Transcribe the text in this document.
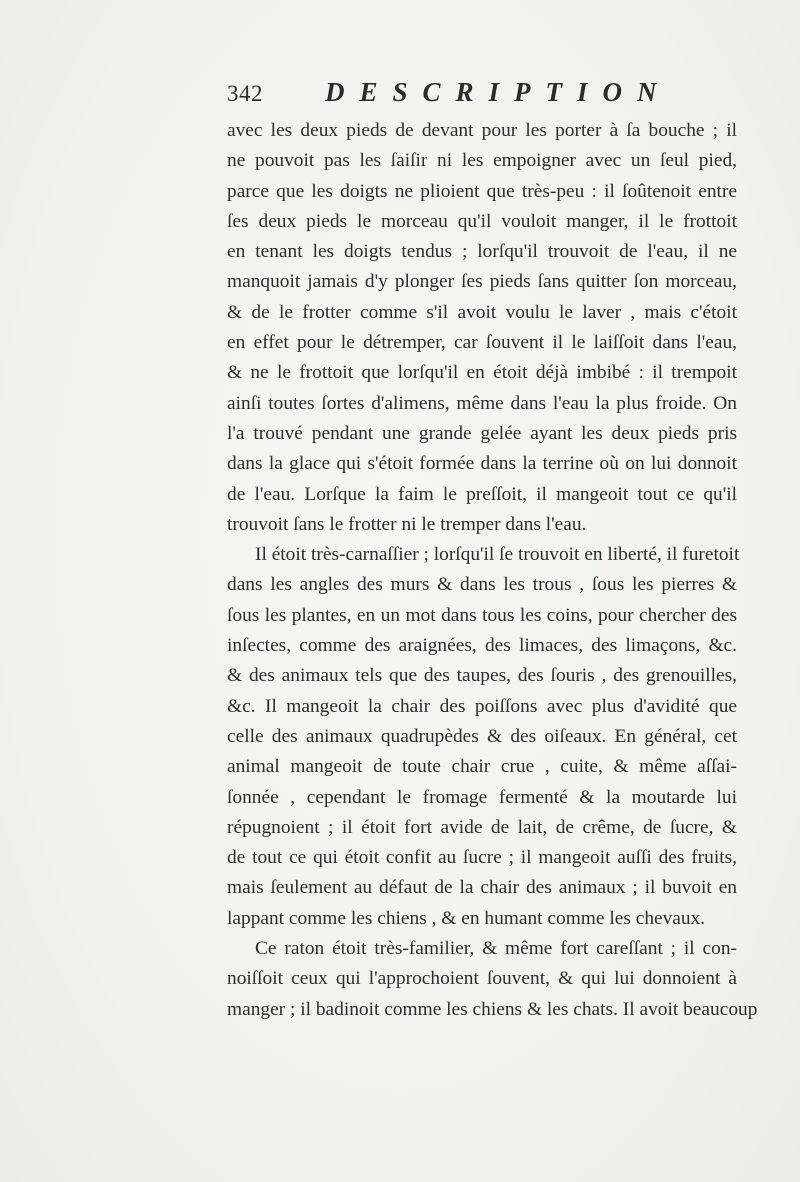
342 DESCRIPTION
avec les deux pieds de devant pour les porter à ſa bouche ; il
ne pouvoit pas les ſaiſir ni les empoigner avec un ſeul pied,
parce que les doigts ne plioient que très-peu : il ſoûtenoit entre
ſes deux pieds le morceau qu'il vouloit manger, il le frottoit
en tenant les doigts tendus ; lorſqu'il trouvoit de l'eau, il ne
manquoit jamais d'y plonger ſes pieds ſans quitter ſon morceau,
& de le frotter comme s'il avoit voulu le laver , mais c'étoit
en effet pour le détremper, car ſouvent il le laiſſoit dans l'eau,
& ne le frottoit que lorſqu'il en étoit déjà imbibé : il trempoit
ainſi toutes ſortes d'alimens, même dans l'eau la plus froide. On
l'a trouvé pendant une grande gelée ayant les deux pieds pris
dans la glace qui s'étoit formée dans la terrine où on lui donnoit
de l'eau. Lorſque la faim le preſſoit, il mangeoit tout ce qu'il
trouvoit ſans le frotter ni le tremper dans l'eau.
Il étoit très-carnaſſier ; lorſqu'il ſe trouvoit en liberté, il furetoit
dans les angles des murs & dans les trous , ſous les pierres &
ſous les plantes, en un mot dans tous les coins, pour chercher des
inſectes, comme des araignées, des limaces, des limaçons, &c.
& des animaux tels que des taupes, des ſouris , des grenouilles,
&c. Il mangeoit la chair des poiſſons avec plus d'avidité que
celle des animaux quadrupèdes & des oiſeaux. En général, cet
animal mangeoit de toute chair crue , cuite, & même aſſai-
ſonnée , cependant le fromage fermenté & la moutarde lui
répugnoient ; il étoit fort avide de lait, de crême, de ſucre, &
de tout ce qui étoit confit au ſucre ; il mangeoit auſſi des fruits,
mais ſeulement au défaut de la chair des animaux ; il buvoit en
lappant comme les chiens , & en humant comme les chevaux.
Ce raton étoit très-familier, & même fort careſſant ; il con-
noiſſoit ceux qui l'approchoient ſouvent, & qui lui donnoient à
manger ; il badinoit comme les chiens & les chats. Il avoit beaucoup
